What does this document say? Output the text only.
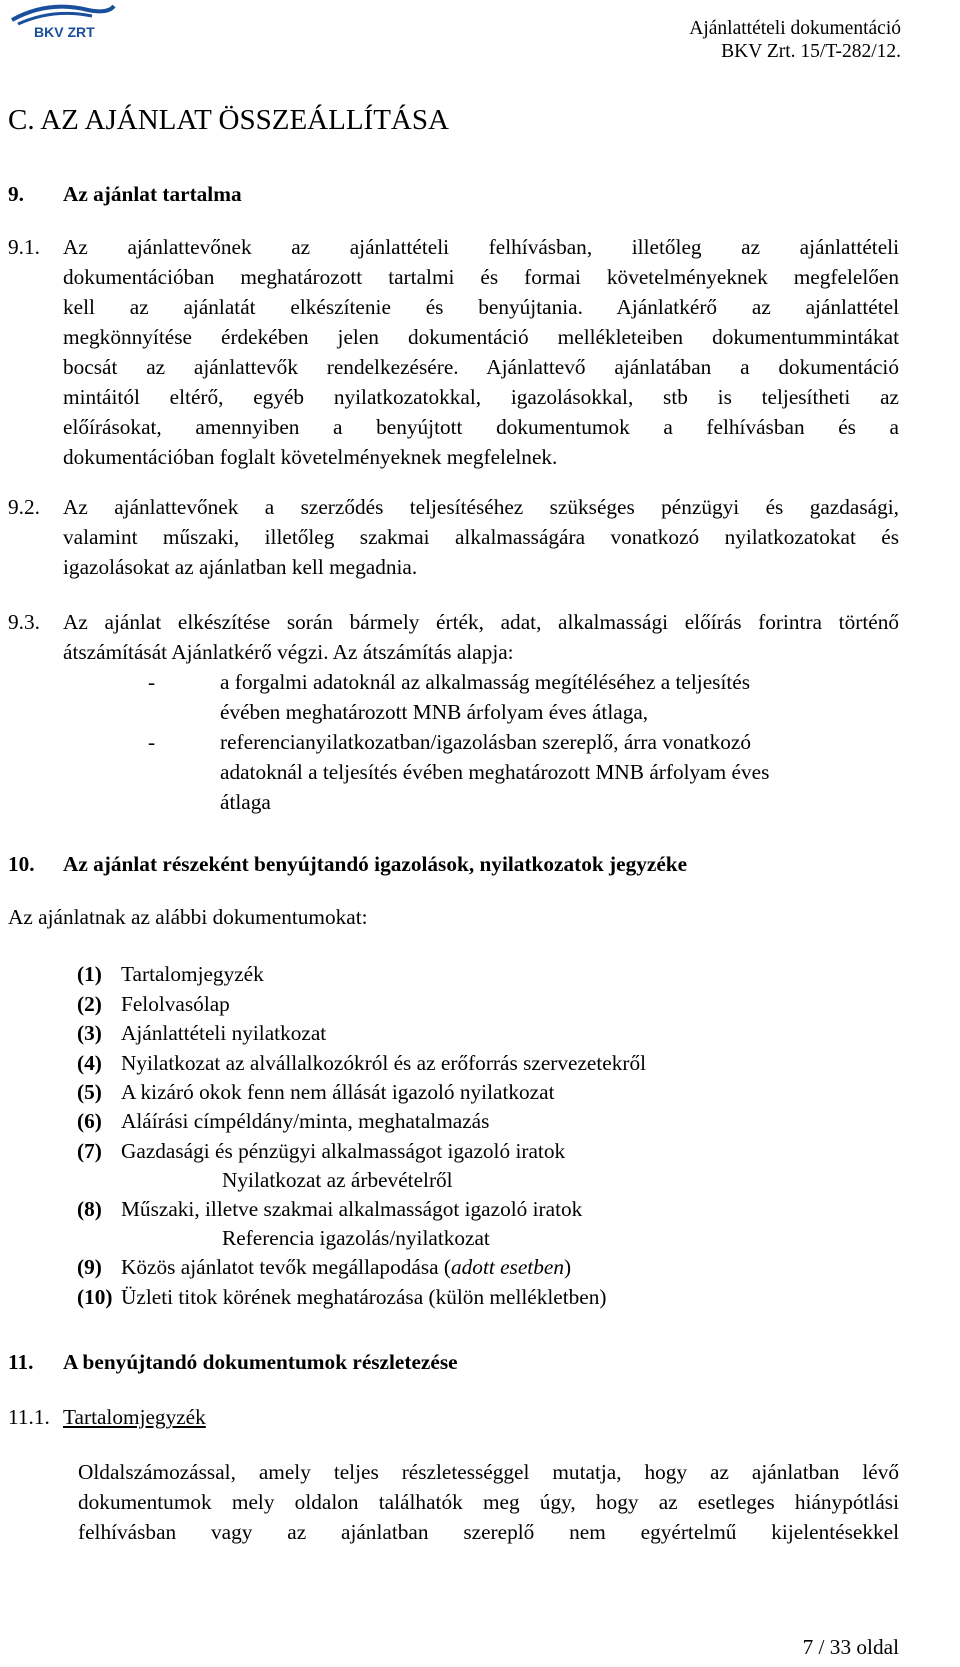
BKV ZRT	Ajánlattételi dokumentáció
BKV Zrt. 15/T-282/12.
C. AZ AJÁNLAT ÖSSZEÁLLÍTÁSA
9. Az ajánlat tartalma
9.1. Az ajánlattevőnek az ajánlattételi felhívásban, illetőleg az ajánlattételi
dokumentációban meghatározott tartalmi és formai követelményeknek megfelelően
kell az ajánlatát elkészítenie és benyújtania. Ajánlatkérő az ajánlattétel
megkönnyítése érdekében jelen dokumentáció mellékleteiben dokumentummintákat
bocsát az ajánlattevők rendelkezésére. Ajánlattevő ajánlatában a dokumentáció
mintáitól eltérő, egyéb nyilatkozatokkal, igazolásokkal, stb is teljesítheti az
előírásokat, amennyiben a benyújtott dokumentumok a felhívásban és a
dokumentációban foglalt követelményeknek megfelelnek.
9.2. Az ajánlattevőnek a szerződés teljesítéséhez szükséges pénzügyi és gazdasági,
valamint műszaki, illetőleg szakmai alkalmasságára vonatkozó nyilatkozatokat és
igazolásokat az ajánlatban kell megadnia.
9.3. Az ajánlat elkészítése során bármely érték, adat, alkalmassági előírás forintra történő
átszámítását Ajánlatkérő végzi. Az átszámítás alapja:
-	a forgalmi adatoknál az alkalmasság megítéléséhez a teljesítés
évében meghatározott MNB árfolyam éves átlaga,
-	referencianyilatkozatban/igazolásban szereplő, árra vonatkozó
adatoknál a teljesítés évében meghatározott MNB árfolyam éves
átlaga
10. Az ajánlat részeként benyújtandó igazolások, nyilatkozatok jegyzéke
Az ajánlatnak az alábbi dokumentumokat:
(1) Tartalomjegyzék
(2) Felolvasólap
(3) Ajánlattételi nyilatkozat
(4) Nyilatkozat az alvállalkozókról és az erőforrás szervezetekről
(5) A kizáró okok fenn nem állását igazoló nyilatkozat
(6) Aláírási címpéldány/minta, meghatalmazás
(7) Gazdasági és pénzügyi alkalmasságot igazoló iratok
Nyilatkozat az árbevételről
(8) Műszaki, illetve szakmai alkalmasságot igazoló iratok
Referencia igazolás/nyilatkozat
(9) Közös ajánlatot tevők megállapodása (adott esetben)
(10) Üzleti titok körének meghatározása (külön mellékletben)
11. A benyújtandó dokumentumok részletezése
11.1. Tartalomjegyzék
Oldalszámozással, amely teljes részletességgel mutatja, hogy az ajánlatban lévő
dokumentumok mely oldalon találhatók meg úgy, hogy az esetleges hiánypótlási
felhívásban vagy az ajánlatban szereplő nem egyértelmű kijelentésekkel
7 / 33 oldal
